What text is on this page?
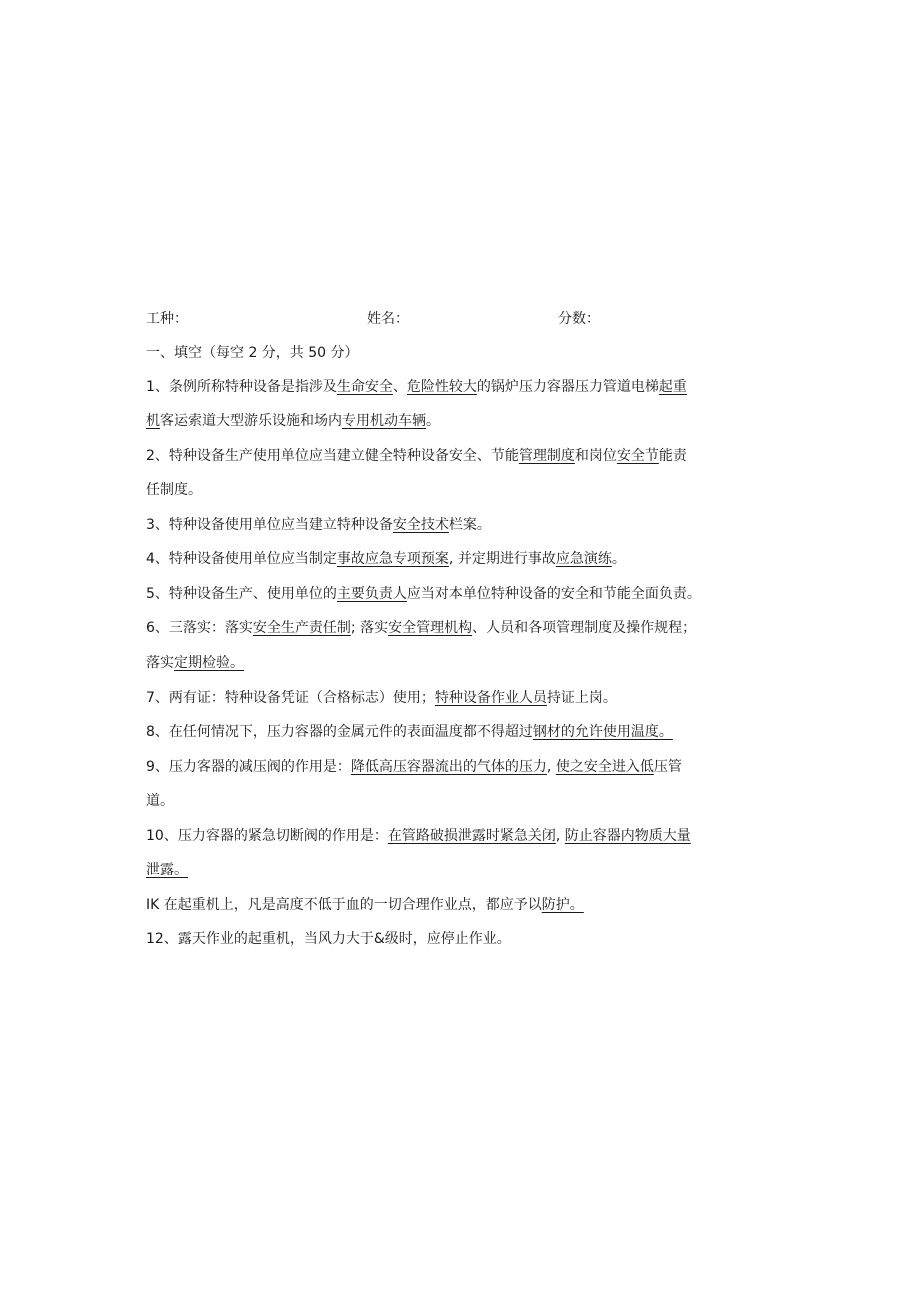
工种：	姓名：	分数：
一、填空（每空 2 分，共 50 分）
1、条例所称特种设备是指涉及生命安全、危险性较大的锅炉压力容器压力管道电梯起重
机客运索道大型游乐设施和场内专用机动车辆。
2、特种设备生产使用单位应当建立健全特种设备安全、节能管理制度和岗位安全节能责
任制度。
3、特种设备使用单位应当建立特种设备安全技术栏案。
4、特种设备使用单位应当制定事故应急专项预案, 并定期进行事故应急演练。
5、特种设备生产、使用单位的主要负责人应当对本单位特种设备的安全和节能全面负责。
6、三落实：落实安全生产责任制; 落实安全管理机构、人员和各项管理制度及操作规程；
落实定期检验。
7、两有证：特种设备凭证（合格标志）使用；特种设备作业人员持证上岗。
8、在任何情况下，压力容器的金属元件的表面温度都不得超过钢材的允许使用温度。
9、压力客器的减压阀的作用是：降低高压容器流出的气体的压力, 使之安全进入低压管
道。
10、压力容器的紧急切断阀的作用是：在管路破损泄露时紧急关闭, 防止容器内物质大量
泄露。
IK 在起重机上，凡是高度不低于血的一切合理作业点，都应予以防护。
12、露天作业的起重机，当风力大于&级时，应停止作业。
